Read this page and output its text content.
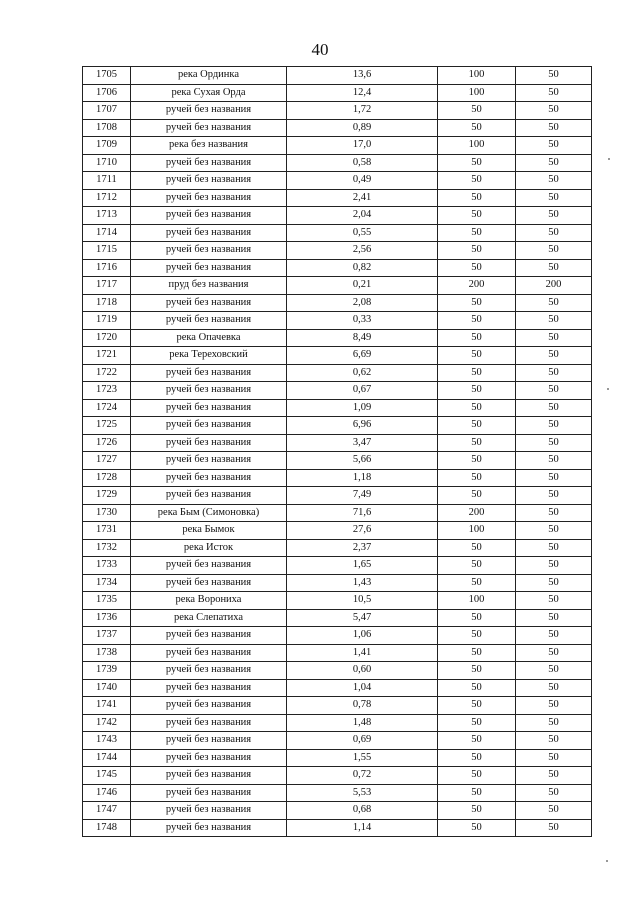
40
1705	река Ординка	13,6	100	50
1706	река Сухая Орда	12,4	100	50
1707	ручей без названия	1,72	50	50
1708	ручей без названия	0,89	50	50
1709	река без названия	17,0	100	50
1710	ручей без названия	0,58	50	50
1711	ручей без названия	0,49	50	50
1712	ручей без названия	2,41	50	50
1713	ручей без названия	2,04	50	50
1714	ручей без названия	0,55	50	50
1715	ручей без названия	2,56	50	50
1716	ручей без названия	0,82	50	50
1717	пруд без названия	0,21	200	200
1718	ручей без названия	2,08	50	50
1719	ручей без названия	0,33	50	50
1720	река Опачевка	8,49	50	50
1721	река Тереховский	6,69	50	50
1722	ручей без названия	0,62	50	50
1723	ручей без названия	0,67	50	50
1724	ручей без названия	1,09	50	50
1725	ручей без названия	6,96	50	50
1726	ручей без названия	3,47	50	50
1727	ручей без названия	5,66	50	50
1728	ручей без названия	1,18	50	50
1729	ручей без названия	7,49	50	50
1730	река Бым (Симоновка)	71,6	200	50
1731	река Бымок	27,6	100	50
1732	река Исток	2,37	50	50
1733	ручей без названия	1,65	50	50
1734	ручей без названия	1,43	50	50
1735	река Ворониха	10,5	100	50
1736	река Слепатиха	5,47	50	50
1737	ручей без названия	1,06	50	50
1738	ручей без названия	1,41	50	50
1739	ручей без названия	0,60	50	50
1740	ручей без названия	1,04	50	50
1741	ручей без названия	0,78	50	50
1742	ручей без названия	1,48	50	50
1743	ручей без названия	0,69	50	50
1744	ручей без названия	1,55	50	50
1745	ручей без названия	0,72	50	50
1746	ручей без названия	5,53	50	50
1747	ручей без названия	0,68	50	50
1748	ручей без названия	1,14	50	50
